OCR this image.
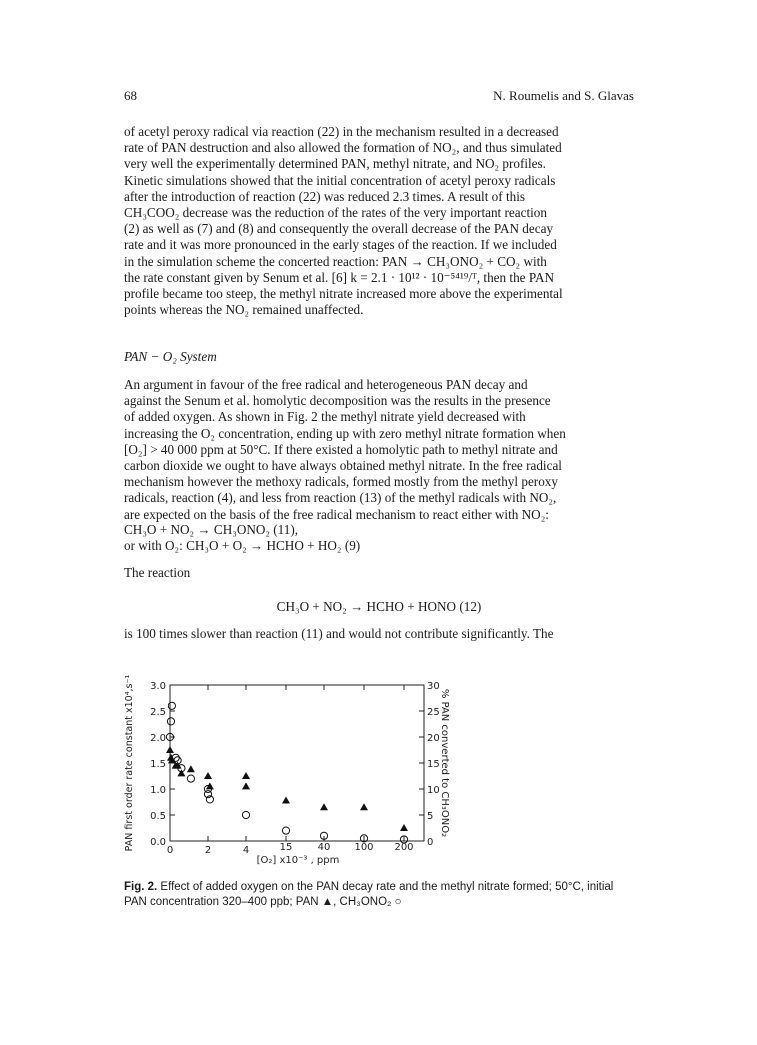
68	N. Roumelis and S. Glavas
of acetyl peroxy radical via reaction (22) in the mechanism resulted in a decreased
rate of PAN destruction and also allowed the formation of NO₂, and thus simulated
very well the experimentally determined PAN, methyl nitrate, and NO₂ profiles.
Kinetic simulations showed that the initial concentration of acetyl peroxy radicals
after the introduction of reaction (22) was reduced 2.3 times. A result of this
CH₃COO₂ decrease was the reduction of the rates of the very important reaction
(2) as well as (7) and (8) and consequently the overall decrease of the PAN decay
rate and it was more pronounced in the early stages of the reaction. If we included
in the simulation scheme the concerted reaction: PAN → CH₃ONO₂ + CO₂ with
the rate constant given by Senum et al. [6] k = 2.1 · 10¹² · 10⁻⁵⁴¹⁹/ᵀ, then the PAN
profile became too steep, the methyl nitrate increased more above the experimental
points whereas the NO₂ remained unaffected.
PAN − O₂ System
An argument in favour of the free radical and heterogeneous PAN decay and
against the Senum et al. homolytic decomposition was the results in the presence
of added oxygen. As shown in Fig. 2 the methyl nitrate yield decreased with
increasing the O₂ concentration, ending up with zero methyl nitrate formation when
[O₂] > 40 000 ppm at 50°C. If there existed a homolytic path to methyl nitrate and
carbon dioxide we ought to have always obtained methyl nitrate. In the free radical
mechanism however the methoxy radicals, formed mostly from the methyl peroxy
radicals, reaction (4), and less from reaction (13) of the methyl radicals with NO₂,
are expected on the basis of the free radical mechanism to react either with NO₂:
CH₃O + NO₂ → CH₃ONO₂ (11),
or with O₂: CH₃O + O₂ → HCHO + HO₂ (9)
The reaction
CH₃O + NO₂ → HCHO + HONO (12)
is 100 times slower than reaction (11) and would not contribute significantly. The
0	2	4	15	40 100 200
0.0
0.5
1.0
1.5
2.0
2.5
3.0
0
5
10
15
20
25
30
[O₂] x10⁻³ , ppm
PAN first order rate constant x10⁴,s⁻¹	% PAN converted to CH₃ONO₂
Fig. 2. Effect of added oxygen on the PAN decay rate and the methyl nitrate formed; 50°C, initial
PAN concentration 320–400 ppb; PAN ▲, CH₃ONO₂ ○
